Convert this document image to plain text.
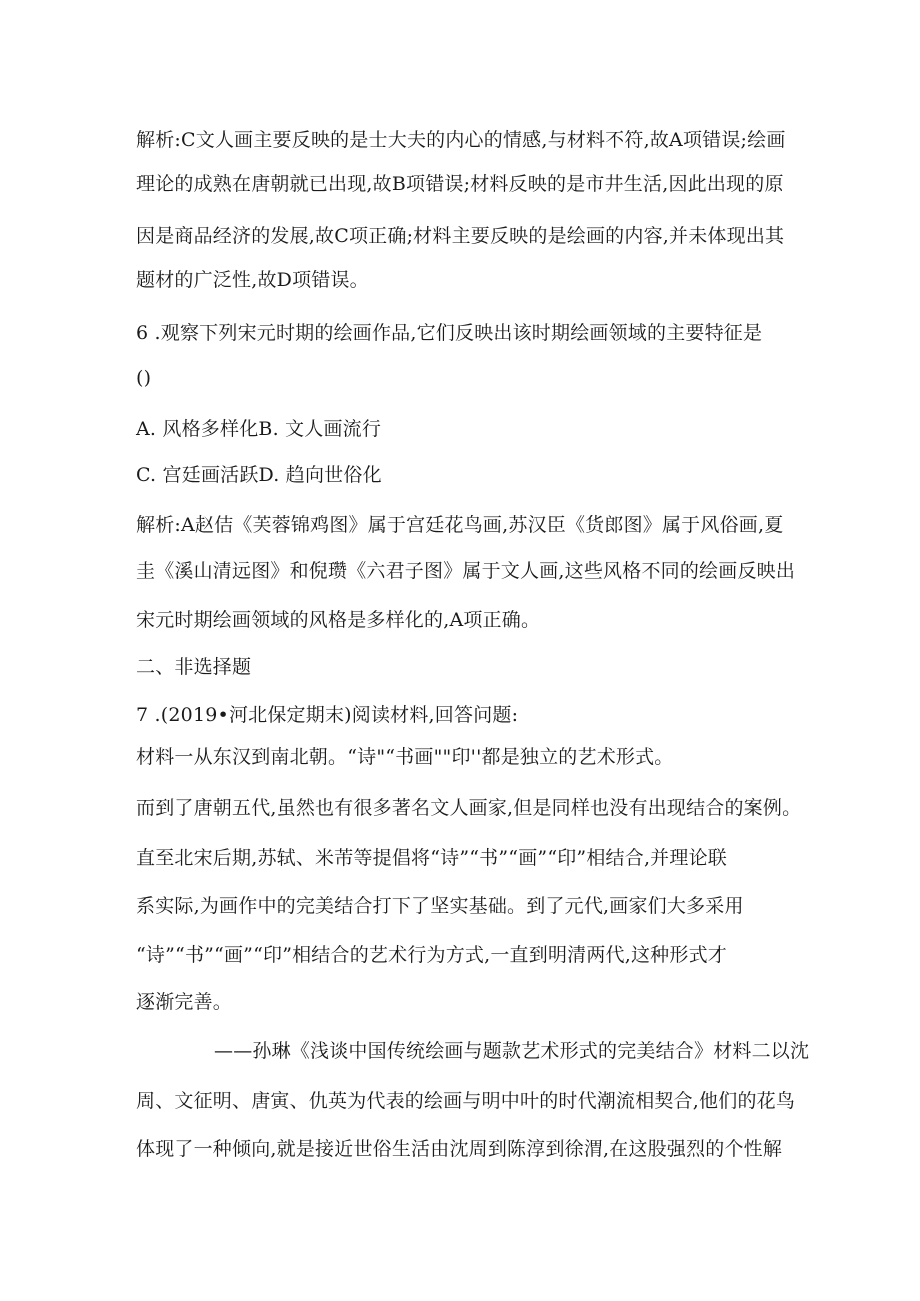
解析:C文人画主要反映的是士大夫的内心的情感,与材料不符,故A项错误;绘画
理论的成熟在唐朝就已出现,故B项错误;材料反映的是市井生活,因此出现的原
因是商品经济的发展,故C项正确;材料主要反映的是绘画的内容,并未体现出其
题材的广泛性,故D项错误。
6 .观察下列宋元时期的绘画作品,它们反映出该时期绘画领域的主要特征是
()
A. 风格多样化B. 文人画流行
C. 宫廷画活跃D. 趋向世俗化
解析:A赵佶《芙蓉锦鸡图》属于宫廷花鸟画,苏汉臣《货郎图》属于风俗画,夏
圭《溪山清远图》和倪瓒《六君子图》属于文人画,这些风格不同的绘画反映出
宋元时期绘画领域的风格是多样化的,A项正确。
二、非选择题
7 .(2019•河北保定期末)阅读材料,回答问题:
材料一从东汉到南北朝。“诗"“书画""印''都是独立的艺术形式。
而到了唐朝五代,虽然也有很多著名文人画家,但是同样也没有出现结合的案例。
直至北宋后期,苏轼、米芾等提倡将“诗”“书”“画”“印”相结合,并理论联
系实际,为画作中的完美结合打下了坚实基础。到了元代,画家们大多采用
“诗”“书”“画”“印”相结合的艺术行为方式,一直到明清两代,这种形式才
逐渐完善。
——孙琳《浅谈中国传统绘画与题款艺术形式的完美结合》材料二以沈
周、文征明、唐寅、仇英为代表的绘画与明中叶的时代潮流相契合,他们的花鸟
体现了一种倾向,就是接近世俗生活由沈周到陈淳到徐渭,在这股强烈的个性解
